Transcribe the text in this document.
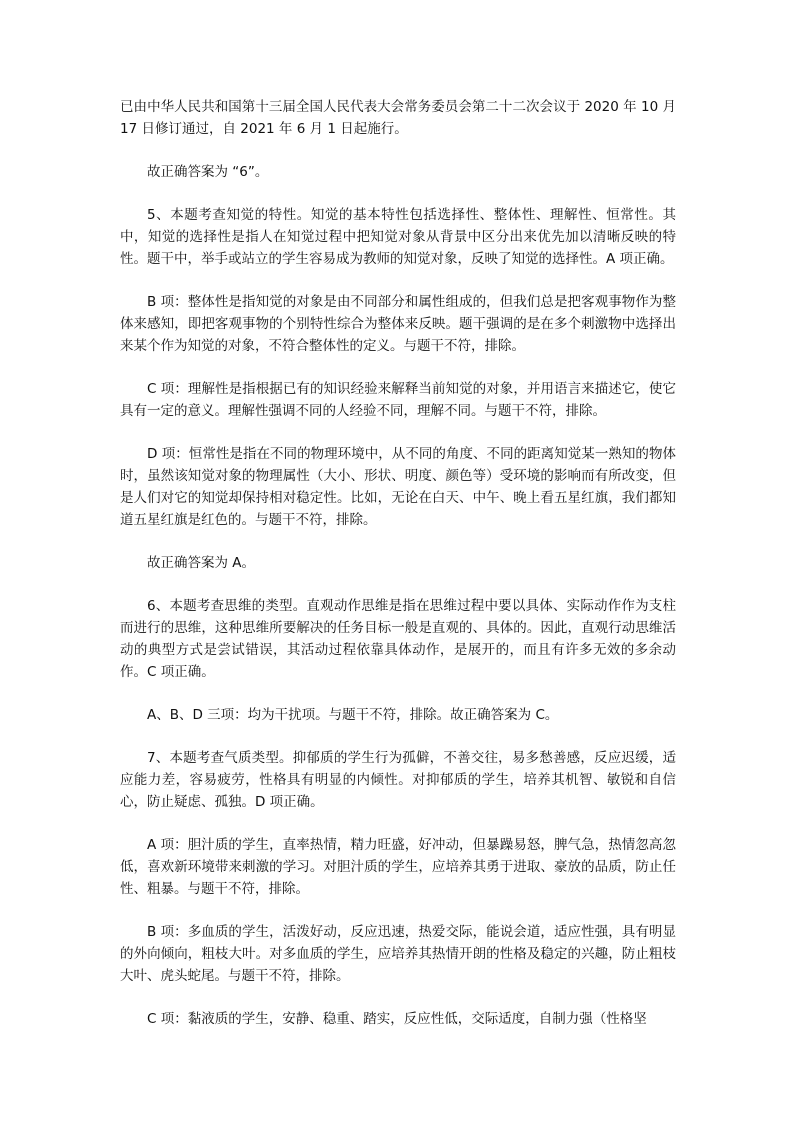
已由中华人民共和国第十三届全国人民代表大会常务委员会第二十二次会议于 2020 年 10 月 17 日修订通过，自 2021 年 6 月 1 日起施行。

故正确答案为 “6”。

5、本题考查知觉的特性。知觉的基本特性包括选择性、整体性、理解性、恒常性。其中，知觉的选择性是指人在知觉过程中把知觉对象从背景中区分出来优先加以清晰反映的特性。题干中，举手或站立的学生容易成为教师的知觉对象，反映了知觉的选择性。A 项正确。

B 项：整体性是指知觉的对象是由不同部分和属性组成的，但我们总是把客观事物作为整体来感知，即把客观事物的个别特性综合为整体来反映。题干强调的是在多个刺激物中选择出来某个作为知觉的对象，不符合整体性的定义。与题干不符，排除。

C 项：理解性是指根据已有的知识经验来解释当前知觉的对象，并用语言来描述它，使它具有一定的意义。理解性强调不同的人经验不同，理解不同。与题干不符，排除。

D 项：恒常性是指在不同的物理环境中，从不同的角度、不同的距离知觉某一熟知的物体时，虽然该知觉对象的物理属性（大小、形状、明度、颜色等）受环境的影响而有所改变，但是人们对它的知觉却保持相对稳定性。比如，无论在白天、中午、晚上看五星红旗，我们都知道五星红旗是红色的。与题干不符，排除。

故正确答案为 A。

6、本题考查思维的类型。直观动作思维是指在思维过程中要以具体、实际动作作为支柱而进行的思维，这种思维所要解决的任务目标一般是直观的、具体的。因此，直观行动思维活动的典型方式是尝试错误，其活动过程依靠具体动作，是展开的，而且有许多无效的多余动作。C 项正确。

A、B、D 三项：均为干扰项。与题干不符，排除。故正确答案为 C。

7、本题考查气质类型。抑郁质的学生行为孤僻，不善交往，易多愁善感，反应迟缓，适应能力差，容易疲劳，性格具有明显的内倾性。对抑郁质的学生，培养其机智、敏锐和自信心，防止疑虑、孤独。D 项正确。

A 项：胆汁质的学生，直率热情，精力旺盛，好冲动，但暴躁易怒，脾气急，热情忽高忽低，喜欢新环境带来刺激的学习。对胆汁质的学生，应培养其勇于进取、豪放的品质，防止任性、粗暴。与题干不符，排除。

B 项：多血质的学生，活泼好动，反应迅速，热爱交际，能说会道，适应性强，具有明显的外向倾向，粗枝大叶。对多血质的学生，应培养其热情开朗的性格及稳定的兴趣，防止粗枝大叶、虎头蛇尾。与题干不符，排除。

C 项：黏液质的学生，安静、稳重、踏实，反应性低，交际适度，自制力强（性格坚
